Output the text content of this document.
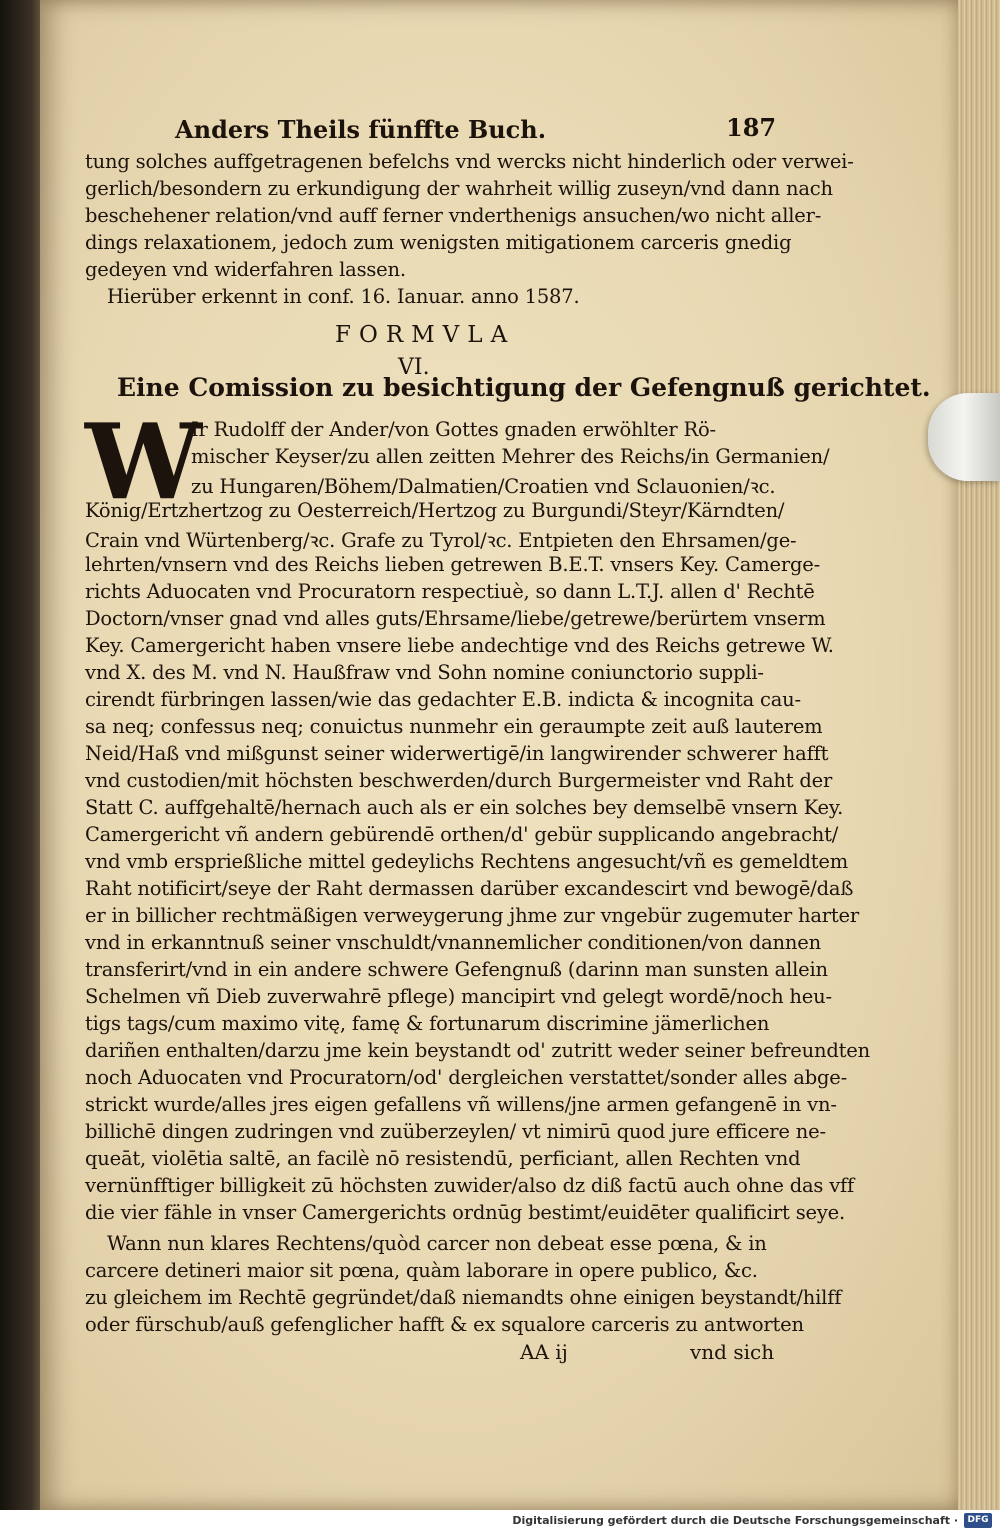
Anders Theils fünffte Buch.	187
tung solches auffgetragenen befelchs vnd wercks nicht hinderlich oder verwei-
gerlich/besondern zu erkundigung der wahrheit willig zuseyn/vnd dann nach
beschehener relation/vnd auff ferner vnderthenigs ansuchen/wo nicht aller-
dings relaxationem, jedoch zum wenigsten mitigationem carceris gnedig
gedeyen vnd widerfahren lassen.
Hierüber erkennt in conf. 16. Ianuar. anno 1587.
FORMVLA
VI.
Eine Comission zu besichtigung der Gefengnuß gerichtet.
W
Ir Rudolff der Ander/von Gottes gnaden erwöhlter Rö-
mischer Keyser/zu allen zeitten Mehrer des Reichs/in Germanien/
zu Hungaren/Böhem/Dalmatien/Croatien vnd Sclauonien/ꝛc.
König/Ertzhertzog zu Oesterreich/Hertzog zu Burgundi/Steyr/Kärndten/
Crain vnd Würtenberg/ꝛc. Grafe zu Tyrol/ꝛc. Entpieten den Ehrsamen/ge-
lehrten/vnsern vnd des Reichs lieben getrewen B.E.T. vnsers Key. Camerge-
richts Aduocaten vnd Procuratorn respectiuè, so dann L.T.J. allen d' Rechtē
Doctorn/vnser gnad vnd alles guts/Ehrsame/liebe/getrewe/berürtem vnserm
Key. Camergericht haben vnsere liebe andechtige vnd des Reichs getrewe W.
vnd X. des M. vnd N. Haußfraw vnd Sohn nomine coniunctorio suppli-
cirendt fürbringen lassen/wie das gedachter E.B. indicta & incognita cau-
sa neq; confessus neq; conuictus nunmehr ein geraumpte zeit auß lauterem
Neid/Haß vnd mißgunst seiner widerwertigē/in langwirender schwerer hafft
vnd custodien/mit höchsten beschwerden/durch Burgermeister vnd Raht der
Statt C. auffgehaltē/hernach auch als er ein solches bey demselbē vnsern Key.
Camergericht vñ andern gebürendē orthen/d' gebür supplicando angebracht/
vnd vmb ersprießliche mittel gedeylichs Rechtens angesucht/vñ es gemeldtem
Raht notificirt/seye der Raht dermassen darüber excandescirt vnd bewogē/daß
er in billicher rechtmäßigen verweygerung jhme zur vngebür zugemuter harter
vnd in erkanntnuß seiner vnschuldt/vnannemlicher conditionen/von dannen
transferirt/vnd in ein andere schwere Gefengnuß (darinn man sunsten allein
Schelmen vñ Dieb zuverwahrē pflege) mancipirt vnd gelegt wordē/noch heu-
tigs tags/cum maximo vitę, famę & fortunarum discrimine jämerlichen
dariñen enthalten/darzu jme kein beystandt od' zutritt weder seiner befreundten
noch Aduocaten vnd Procuratorn/od' dergleichen verstattet/sonder alles abge-
strickt wurde/alles jres eigen gefallens vñ willens/jne armen gefangenē in vn-
billichē dingen zudringen vnd zuüberzeylen/ vt nimirū quod jure efficere ne-
queāt, violētia saltē, an facilè nō resistendū, perficiant, allen Rechten vnd
vernünfftiger billigkeit zū höchsten zuwider/also dz diß factū auch ohne das vff
die vier fähle in vnser Camergerichts ordnūg bestimt/euidēter qualificirt seye.
Wann nun klares Rechtens/quòd carcer non debeat esse pœna, & in
carcere detineri maior sit pœna, quàm laborare in opere publico, &c.
zu gleichem im Rechtē gegründet/daß niemandts ohne einigen beystandt/hilff
oder fürschub/auß gefenglicher hafft & ex squalore carceris zu antworten
AA ij	vnd sich
Digitalisierung gefördert durch die Deutsche Forschungsgemeinschaft ·	DFG
